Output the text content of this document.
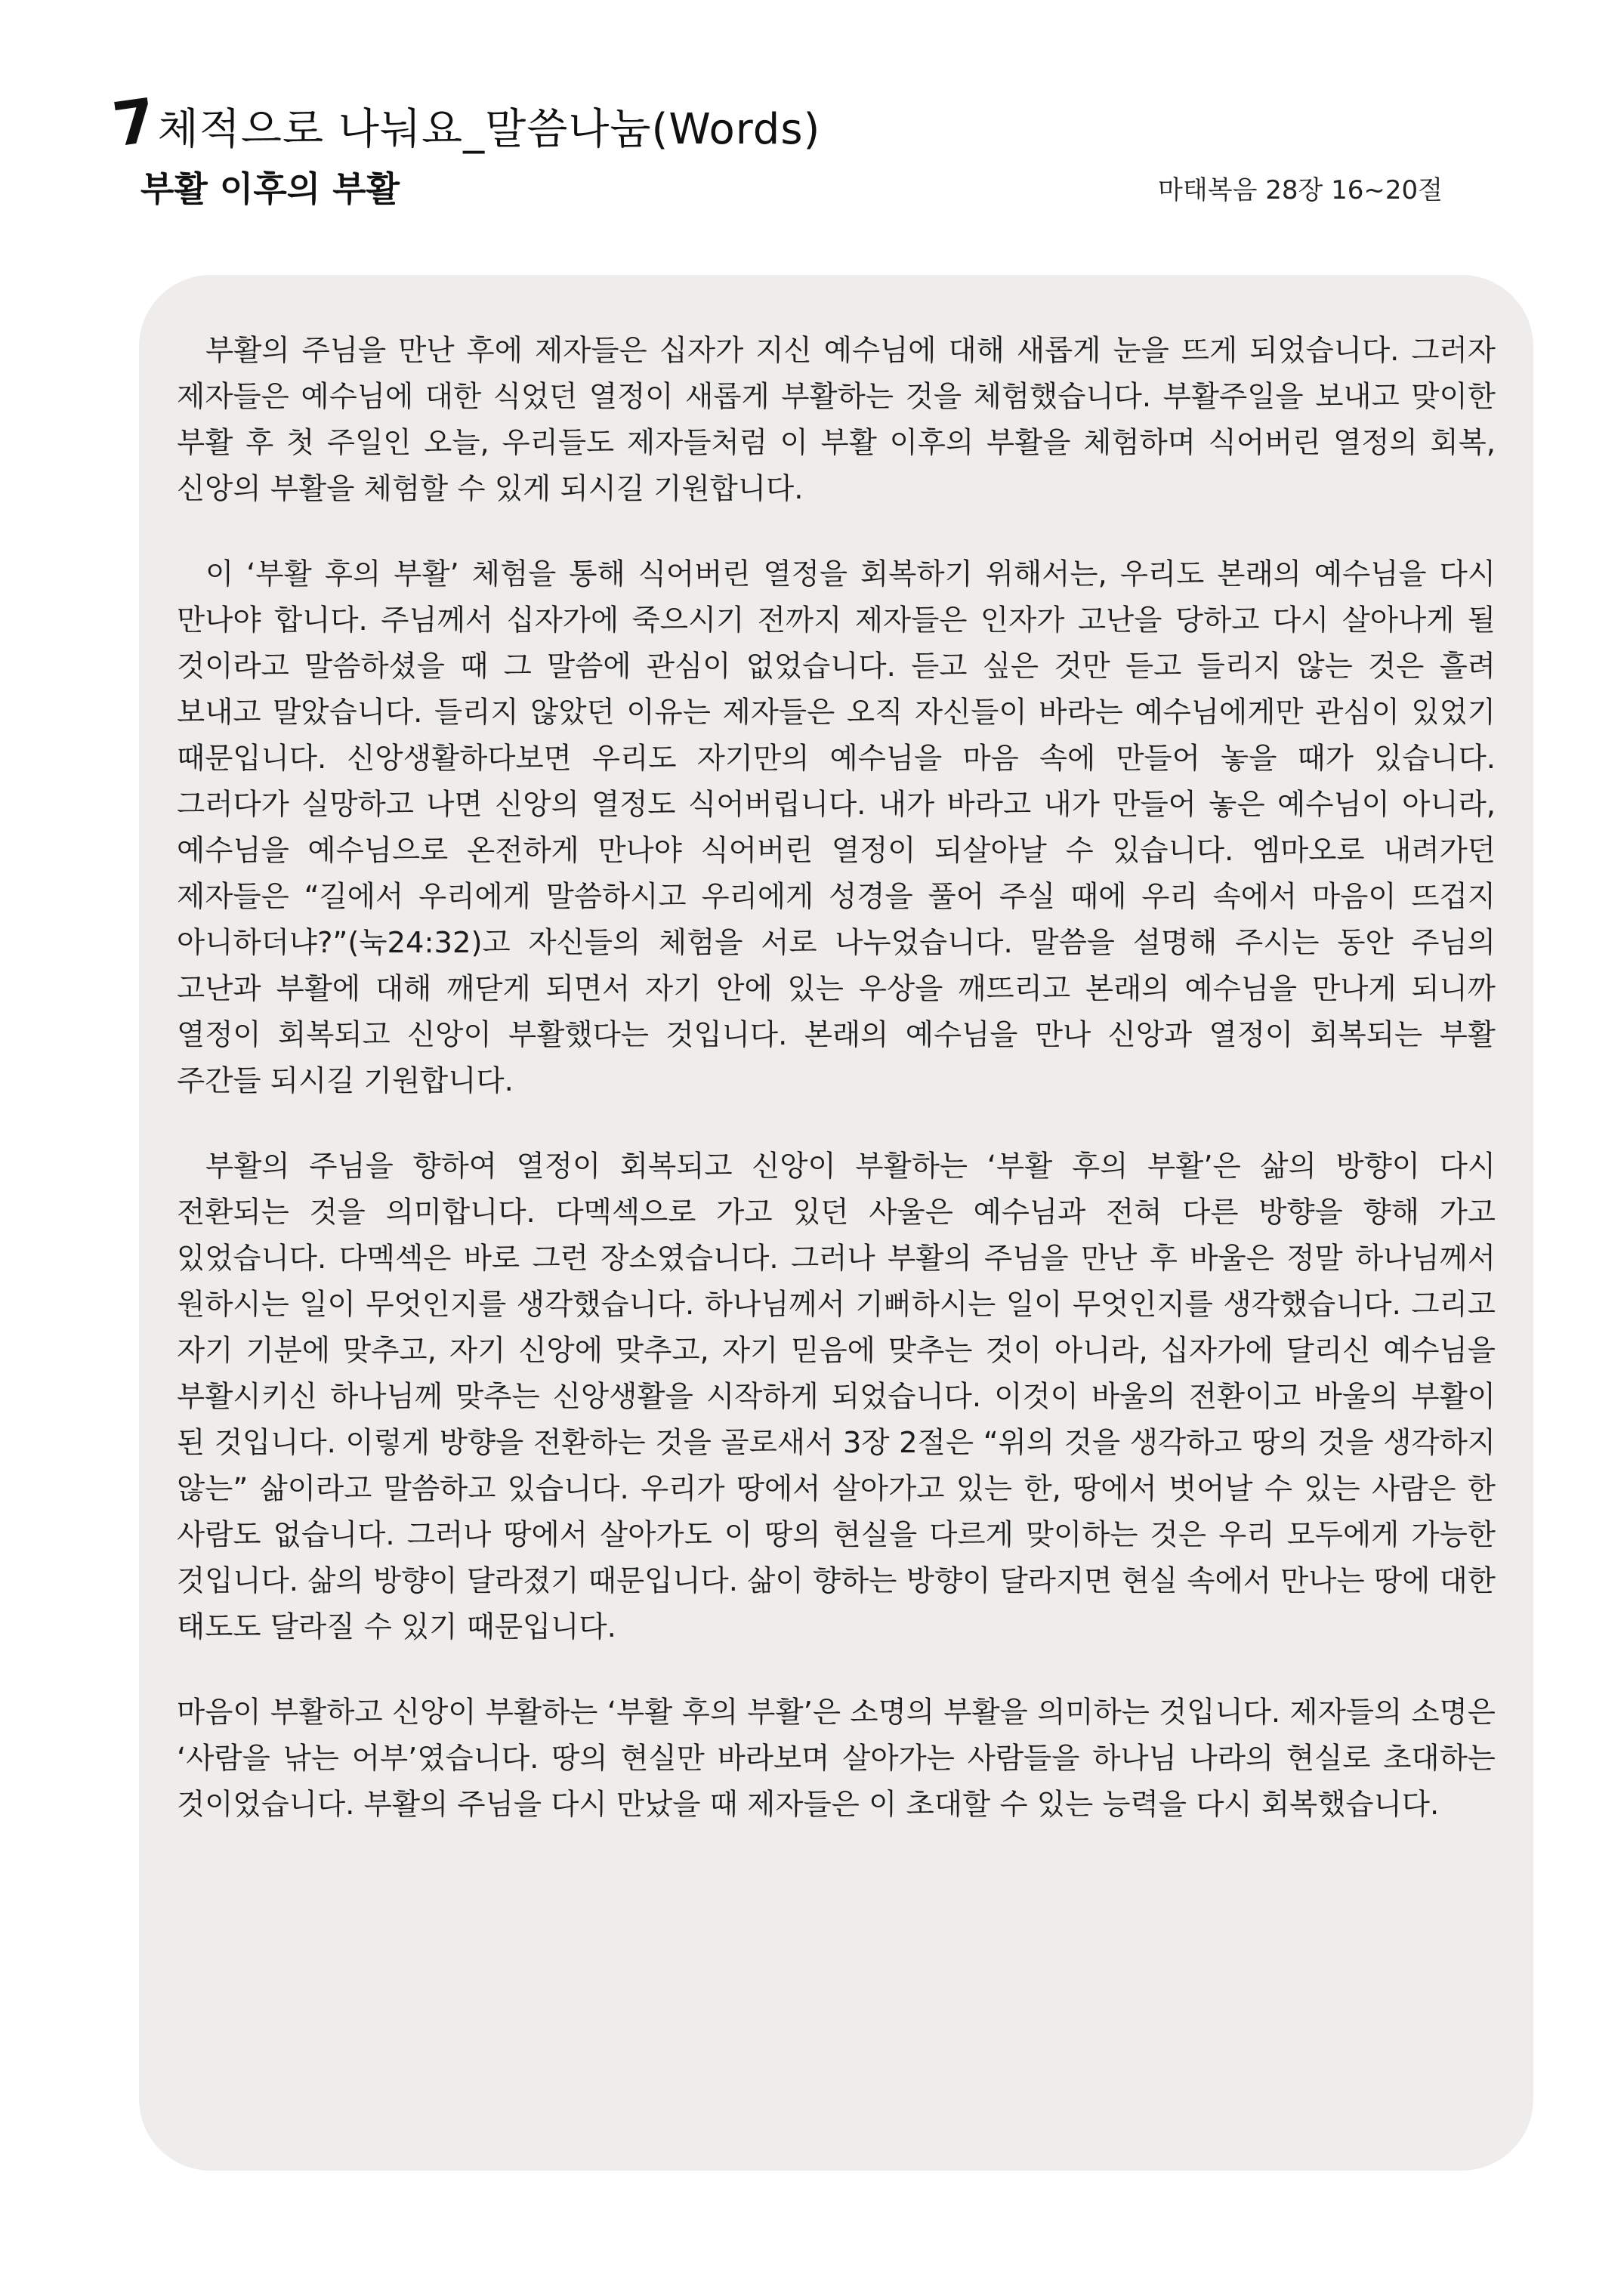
7체적으로 나눠요_말씀나눔(Words)
부활 이후의 부활	마태복음 28장 16~20절

부활의 주님을 만난 후에 제자들은 십자가 지신 예수님에 대해 새롭게 눈을 뜨게 되었습니다. 그러자 제자들은 예수님에 대한 식었던 열정이 새롭게 부활하는 것을 체험했습니다. 부활주일을 보내고 맞이한 부활 후 첫 주일인 오늘, 우리들도 제자들처럼 이 부활 이후의 부활을 체험하며 식어버린 열정의 회복, 신앙의 부활을 체험할 수 있게 되시길 기원합니다.

이 ‘부활 후의 부활’ 체험을 통해 식어버린 열정을 회복하기 위해서는, 우리도 본래의 예수님을 다시 만나야 합니다. 주님께서 십자가에 죽으시기 전까지 제자들은 인자가 고난을 당하고 다시 살아나게 될 것이라고 말씀하셨을 때 그 말씀에 관심이 없었습니다. 듣고 싶은 것만 듣고 들리지 않는 것은 흘려 보내고 말았습니다. 들리지 않았던 이유는 제자들은 오직 자신들이 바라는 예수님에게만 관심이 있었기 때문입니다. 신앙생활하다보면 우리도 자기만의 예수님을 마음 속에 만들어 놓을 때가 있습니다. 그러다가 실망하고 나면 신앙의 열정도 식어버립니다. 내가 바라고 내가 만들어 놓은 예수님이 아니라, 예수님을 예수님으로 온전하게 만나야 식어버린 열정이 되살아날 수 있습니다. 엠마오로 내려가던 제자들은 “길에서 우리에게 말씀하시고 우리에게 성경을 풀어 주실 때에 우리 속에서 마음이 뜨겁지 아니하더냐?”(눅24:32)고 자신들의 체험을 서로 나누었습니다. 말씀을 설명해 주시는 동안 주님의 고난과 부활에 대해 깨닫게 되면서 자기 안에 있는 우상을 깨뜨리고 본래의 예수님을 만나게 되니까 열정이 회복되고 신앙이 부활했다는 것입니다. 본래의 예수님을 만나 신앙과 열정이 회복되는 부활 주간들 되시길 기원합니다.

부활의 주님을 향하여 열정이 회복되고 신앙이 부활하는 ‘부활 후의 부활’은 삶의 방향이 다시 전환되는 것을 의미합니다. 다멕섹으로 가고 있던 사울은 예수님과 전혀 다른 방향을 향해 가고 있었습니다. 다멕섹은 바로 그런 장소였습니다. 그러나 부활의 주님을 만난 후 바울은 정말 하나님께서 원하시는 일이 무엇인지를 생각했습니다. 하나님께서 기뻐하시는 일이 무엇인지를 생각했습니다. 그리고 자기 기분에 맞추고, 자기 신앙에 맞추고, 자기 믿음에 맞추는 것이 아니라, 십자가에 달리신 예수님을 부활시키신 하나님께 맞추는 신앙생활을 시작하게 되었습니다. 이것이 바울의 전환이고 바울의 부활이 된 것입니다. 이렇게 방향을 전환하는 것을 골로새서 3장 2절은 “위의 것을 생각하고 땅의 것을 생각하지 않는” 삶이라고 말씀하고 있습니다. 우리가 땅에서 살아가고 있는 한, 땅에서 벗어날 수 있는 사람은 한 사람도 없습니다. 그러나 땅에서 살아가도 이 땅의 현실을 다르게 맞이하는 것은 우리 모두에게 가능한 것입니다. 삶의 방향이 달라졌기 때문입니다. 삶이 향하는 방향이 달라지면 현실 속에서 만나는 땅에 대한 태도도 달라질 수 있기 때문입니다.

마음이 부활하고 신앙이 부활하는 ‘부활 후의 부활’은 소명의 부활을 의미하는 것입니다. 제자들의 소명은 ‘사람을 낚는 어부’였습니다. 땅의 현실만 바라보며 살아가는 사람들을 하나님 나라의 현실로 초대하는 것이었습니다. 부활의 주님을 다시 만났을 때 제자들은 이 초대할 수 있는 능력을 다시 회복했습니다.
